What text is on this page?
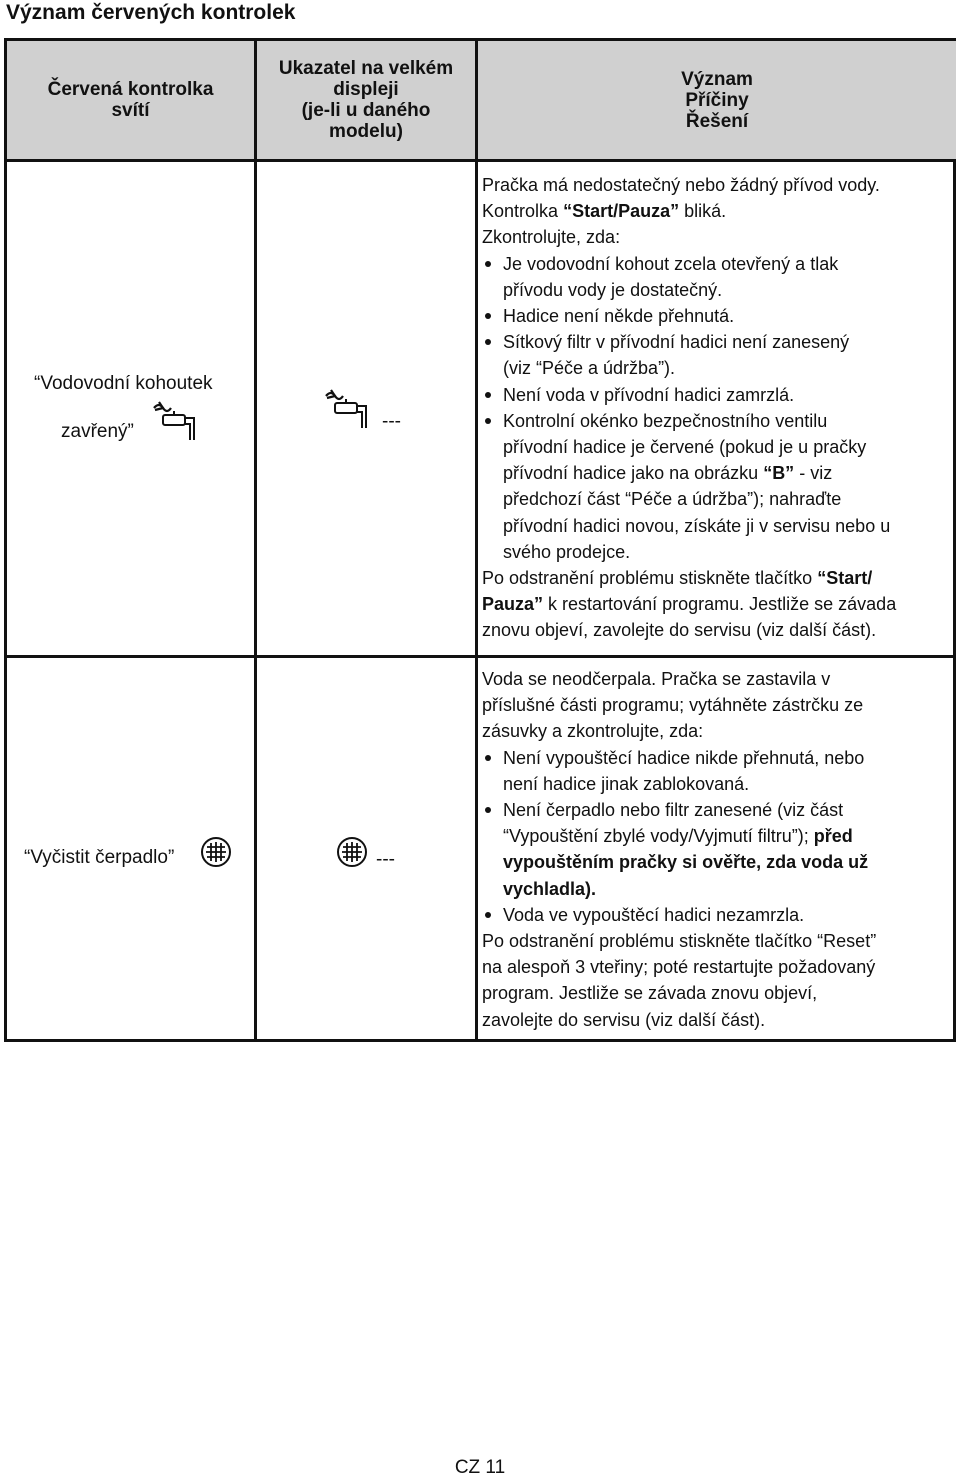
Význam červených kontrolek
Červená kontrolka
svítí
Ukazatel na velkém
displeji
(je-li u daného
modelu)
Význam
Příčiny
Řešení
“Vodovodní kohoutek
zavřený”	---
Pračka má nedostatečný nebo žádný přívod vody.
Kontrolka “Start/Pauza” bliká.
Zkontrolujte, zda:
Je vodovodní kohout zcela otevřený a tlak
přívodu vody je dostatečný.
Hadice není někde přehnutá.
Sítkový filtr v přívodní hadici není zanesený
(viz “Péče a údržba”).
Není voda v přívodní hadici zamrzlá.
Kontrolní okénko bezpečnostního ventilu
přívodní hadice je červené (pokud je u pračky
přívodní hadice jako na obrázku “B” - viz
předchozí část “Péče a údržba”); nahraďte
přívodní hadici novou, získáte ji v servisu nebo u
svého prodejce.
Po odstranění problému stiskněte tlačítko “Start/
Pauza” k restartování programu. Jestliže se závada
znovu objeví, zavolejte do servisu (viz další část).
“Vyčistit čerpadlo”	---
Voda se neodčerpala. Pračka se zastavila v
příslušné části programu; vytáhněte zástrčku ze
zásuvky a zkontrolujte, zda:
Není vypouštěcí hadice nikde přehnutá, nebo
není hadice jinak zablokovaná.
Není čerpadlo nebo filtr zanesené (viz část
“Vypouštění zbylé vody/Vyjmutí filtru”); před
vypouštěním pračky si ověřte, zda voda už
vychladla).
Voda ve vypouštěcí hadici nezamrzla.
Po odstranění problému stiskněte tlačítko “Reset”
na alespoň 3 vteřiny; poté restartujte požadovaný
program. Jestliže se závada znovu objeví,
zavolejte do servisu (viz další část).
CZ 11
